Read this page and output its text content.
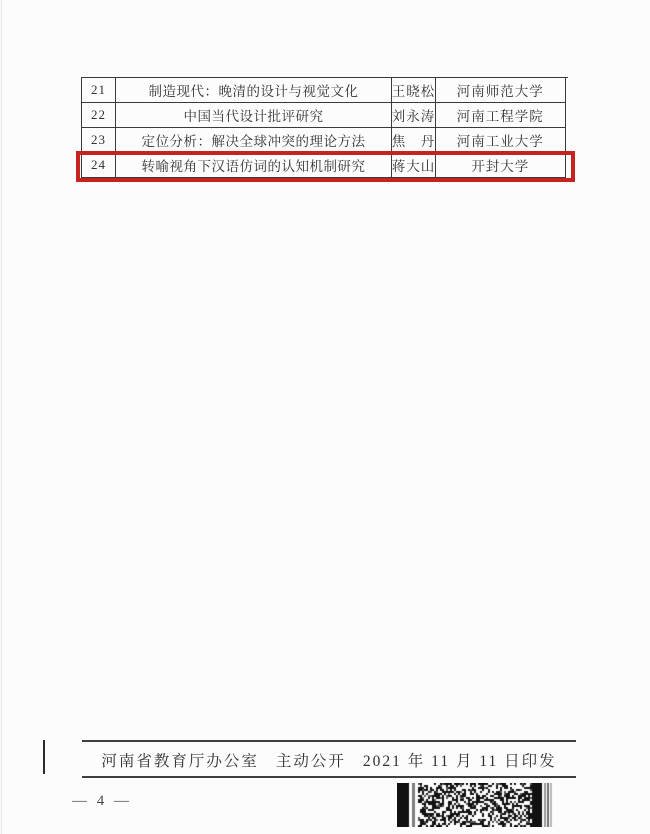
21	制造现代：晚清的设计与视觉文化	王晓松	河南师范大学
22	中国当代设计批评研究	刘永涛	河南工程学院
23	定位分析：解决全球冲突的理论方法	焦　丹	河南工业大学
24	转喻视角下汉语仿词的认知机制研究	蒋大山	开封大学
河南省教育厅办公室 主动公开 2021 年 11 月 11 日印发
— 4 —
